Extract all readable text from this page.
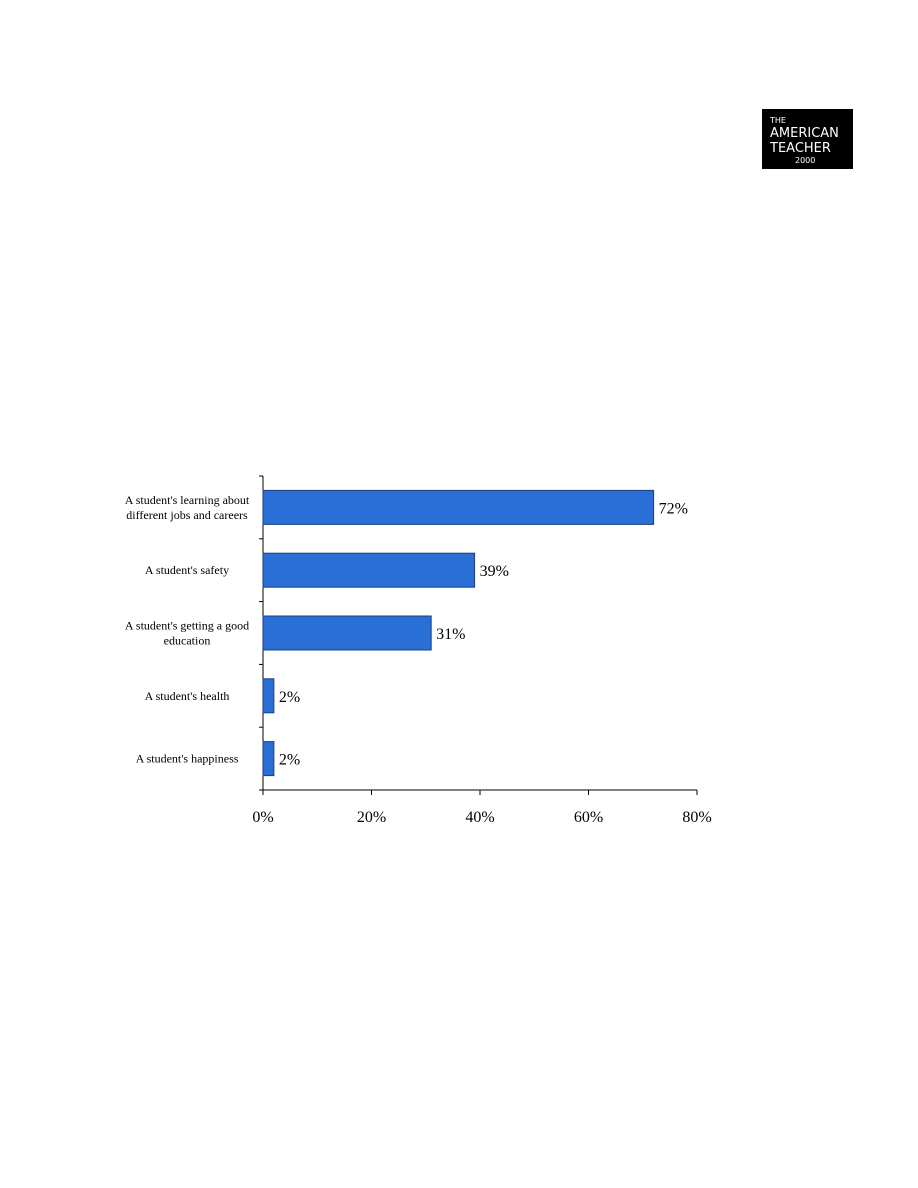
THE
AMERICAN
TEACHER
2000
A student's learning about different jobs and careers
A student's safety
A student's getting a good education
A student's health
A student's happiness
72%
39%
31%
2%
2%
0%	20%	40%	60%	80%
